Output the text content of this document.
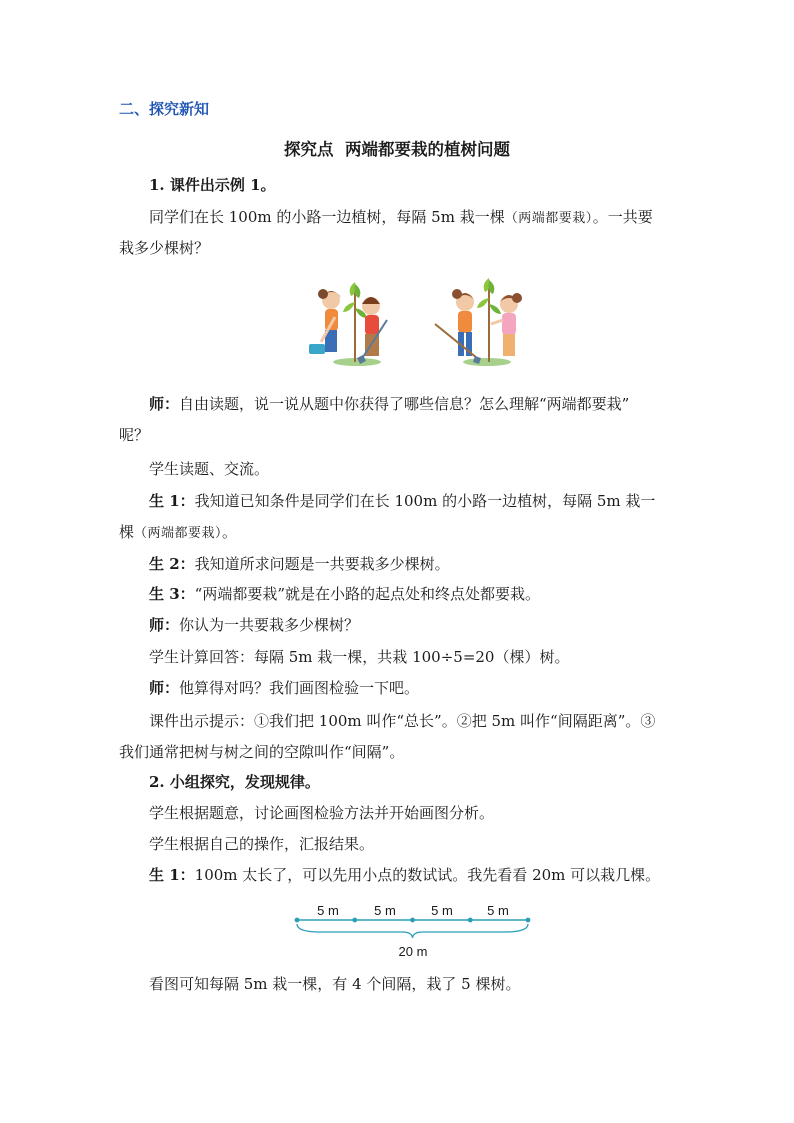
二、探究新知

探究点  两端都要栽的植树问题

1. 课件出示例 1。

同学们在长 100m 的小路一边植树，每隔 5m 栽一棵（两端都要栽）。一共要

栽多少棵树？

师：自由读题，说一说从题中你获得了哪些信息？怎么理解“两端都要栽”

呢？

学生读题、交流。

生 1：我知道已知条件是同学们在长 100m 的小路一边植树，每隔 5m 栽一

棵（两端都要栽）。

生 2：我知道所求问题是一共要栽多少棵树。

生 3：“两端都要栽”就是在小路的起点处和终点处都要栽。

师：你认为一共要栽多少棵树？

学生计算回答：每隔 5m 栽一棵，共栽 100÷5=20（棵）树。

师：他算得对吗？我们画图检验一下吧。

课件出示提示：①我们把 100m 叫作“总长”。②把 5m 叫作“间隔距离”。③

我们通常把树与树之间的空隙叫作“间隔”。

2. 小组探究，发现规律。

学生根据题意，讨论画图检验方法并开始画图分析。

学生根据自己的操作，汇报结果。

生 1：100m 太长了，可以先用小点的数试试。我先看看 20m 可以栽几棵。

5 m	5 m	5 m	5 m
20 m

看图可知每隔 5m 栽一棵，有 4 个间隔，栽了 5 棵树。
